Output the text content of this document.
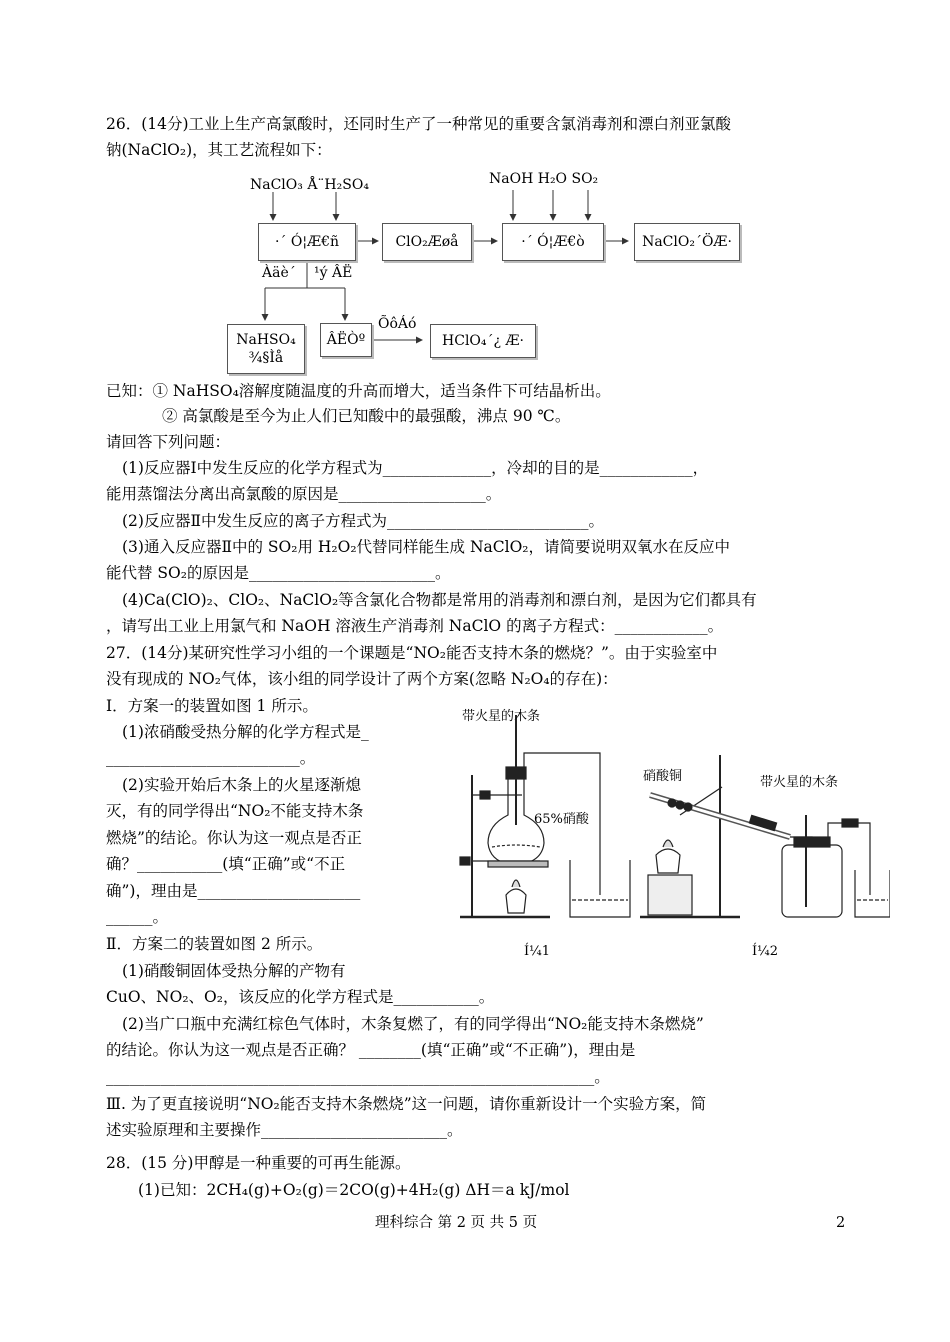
26．(14分)工业上生产高氯酸时，还同时生产了一种常见的重要含氯消毒剂和漂白剂亚氯酸
钠(NaClO₂)，其工艺流程如下：
NaClO₃ Å¨H₂SO₄	NaOH H₂O SO₂
·´ Ó¦Æ€ñ	ClO₂Æøå	·´ Ó¦Æ€ò	NaClO₂´ÖÆ·
Àäè´ ¹ý ÂË
NaHSO₄
¾§Ìå
ÂËÒº
ÕôÁó
HClO₄´¿ Æ·
已知：① NaHSO₄溶解度随温度的升高而增大，适当条件下可结晶析出。
② 高氯酸是至今为止人们已知酸中的最强酸，沸点 90 ℃。
请回答下列问题：
(1)反应器Ⅰ中发生反应的化学方程式为______________，冷却的目的是____________，
能用蒸馏法分离出高氯酸的原因是___________________。
(2)反应器Ⅱ中发生反应的离子方程式为__________________________。
(3)通入反应器Ⅱ中的 SO₂用 H₂O₂代替同样能生成 NaClO₂，请简要说明双氧水在反应中
能代替 SO₂的原因是________________________。
(4)Ca(ClO)₂、ClO₂、NaClO₂等含氯化合物都是常用的消毒剂和漂白剂，是因为它们都具有
，请写出工业上用氯气和 NaOH 溶液生产消毒剂 NaClO 的离子方程式：____________。
27．(14分)某研究性学习小组的一个课题是“NO₂能否支持木条的燃烧？”。由于实验室中
没有现成的 NO₂气体，该小组的同学设计了两个方案(忽略 N₂O₄的存在)：
Ⅰ．方案一的装置如图 1 所示。
(1)浓硝酸受热分解的化学方程式是_
_________________________。
(2)实验开始后木条上的火星逐渐熄
灭，有的同学得出“NO₂不能支持木条
燃烧”的结论。你认为这一观点是否正
确？___________(填“正确”或“不正
确”)，理由是_____________________
______。
Ⅱ．方案二的装置如图 2 所示。
(1)硝酸铜固体受热分解的产物有
CuO、NO₂、O₂，该反应的化学方程式是___________。
(2)当广口瓶中充满红棕色气体时，木条复燃了，有的同学得出“NO₂能支持木条燃烧”
的结论。你认为这一观点是否正确？ ________(填“正确”或“不正确”)，理由是
_______________________________________________________________。
Ⅲ. 为了更直接说明“NO₂能否支持木条燃烧”这一问题，请你重新设计一个实验方案，简
述实验原理和主要操作________________________。
带火星的木条
65%硝酸
硝酸铜	带火星的木条
Í¼1	Í¼2
28．(15 分)甲醇是一种重要的可再生能源。
(1)已知：2CH₄(g)+O₂(g)＝2CO(g)+4H₂(g) ΔH＝a kJ/mol
理科综合 第 2 页 共 5 页	2
